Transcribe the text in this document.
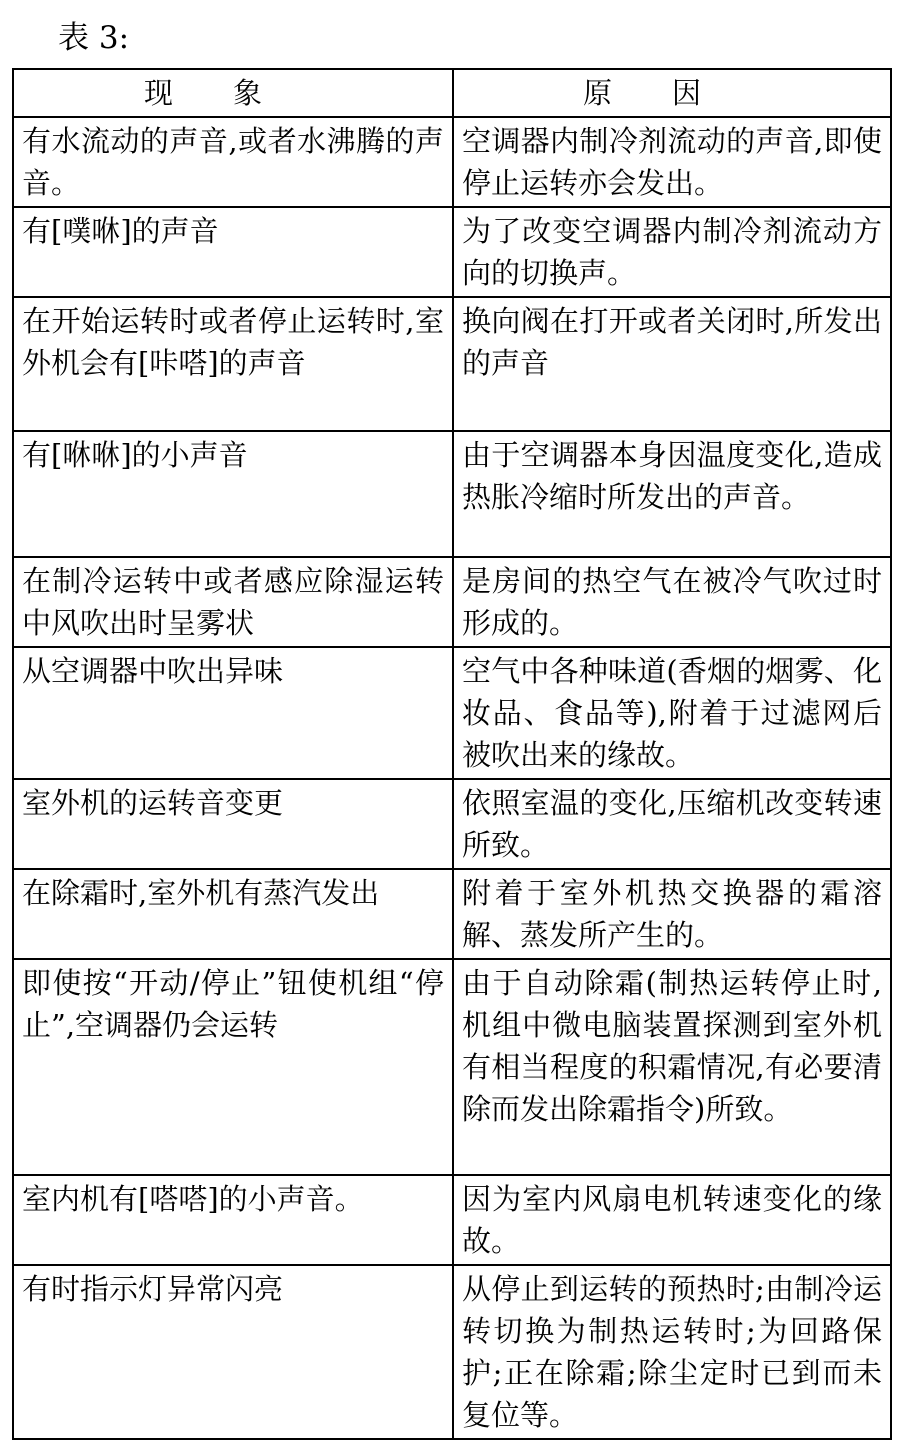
表 3:
现象	原因
有水流动的声音,或者水沸腾的声音。	空调器内制冷剂流动的声音,即使停止运转亦会发出。
有[噗咻]的声音	为了改变空调器内制冷剂流动方向的切换声。
在开始运转时或者停止运转时,室外机会有[咔嗒]的声音	换向阀在打开或者关闭时,所发出的声音
有[咻咻]的小声音	由于空调器本身因温度变化,造成热胀冷缩时所发出的声音。
在制冷运转中或者感应除湿运转中风吹出时呈雾状	是房间的热空气在被冷气吹过时形成的。
从空调器中吹出异味	空气中各种味道(香烟的烟雾、化妆品、食品等),附着于过滤网后被吹出来的缘故。
室外机的运转音变更	依照室温的变化,压缩机改变转速所致。
在除霜时,室外机有蒸汽发出	附着于室外机热交换器的霜溶解、蒸发所产生的。
即使按“开动/停止”钮使机组“停止”,空调器仍会运转	由于自动除霜(制热运转停止时,机组中微电脑装置探测到室外机有相当程度的积霜情况,有必要清除而发出除霜指令)所致。
室内机有[嗒嗒]的小声音。	因为室内风扇电机转速变化的缘故。
有时指示灯异常闪亮	从停止到运转的预热时;由制冷运转切换为制热运转时;为回路保护;正在除霜;除尘定时已到而未复位等。
